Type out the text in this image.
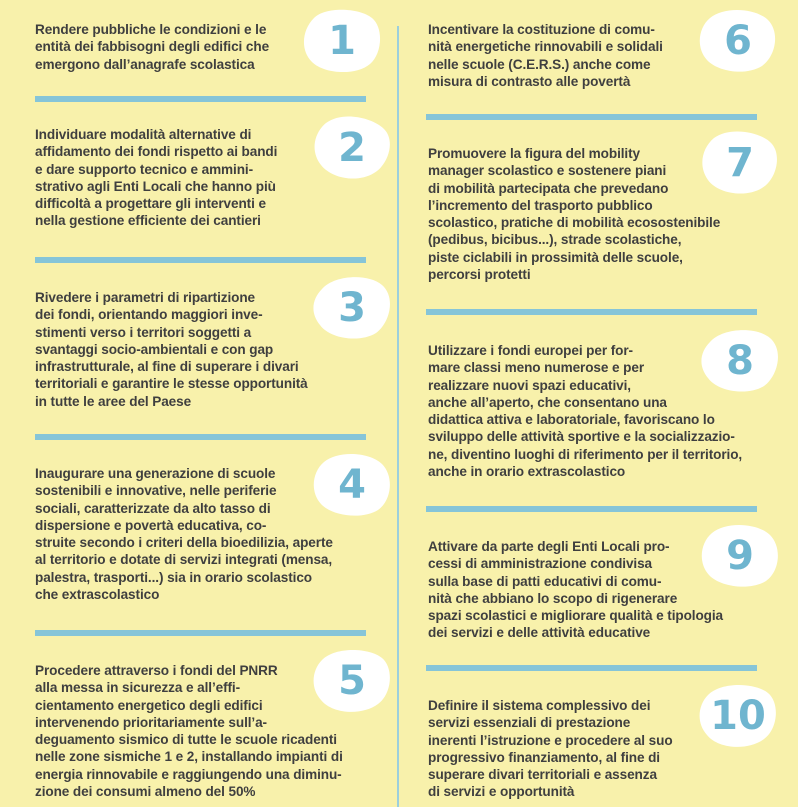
Rendere pubbliche le condizioni e le
entità dei fabbisogni degli edifici che
emergono dall’anagrafe scolastica

1

Individuare modalità alternative di
affidamento dei fondi rispetto ai bandi
e dare supporto tecnico e ammini-
strativo agli Enti Locali che hanno più
difficoltà a progettare gli interventi e
nella gestione efficiente dei cantieri

2

Rivedere i parametri di ripartizione
dei fondi, orientando maggiori inve-
stimenti verso i territori soggetti a
svantaggi socio-ambientali e con gap
infrastrutturale, al fine di superare i divari
territoriali e garantire le stesse opportunità
in tutte le aree del Paese

3

Inaugurare una generazione di scuole
sostenibili e innovative, nelle periferie
sociali, caratterizzate da alto tasso di
dispersione e povertà educativa, co-
struite secondo i criteri della bioedilizia, aperte
al territorio e dotate di servizi integrati (mensa,
palestra, trasporti...) sia in orario scolastico
che extrascolastico

4

Procedere attraverso i fondi del PNRR
alla messa in sicurezza e all’effi-
cientamento energetico degli edifici
intervenendo prioritariamente sull’a-
deguamento sismico di tutte le scuole ricadenti
nelle zone sismiche 1 e 2, installando impianti di
energia rinnovabile e raggiungendo una diminu-
zione dei consumi almeno del 50%

5

Incentivare la costituzione di comu-
nità energetiche rinnovabili e solidali
nelle scuole (C.E.R.S.) anche come
misura di contrasto alle povertà

6

Promuovere la figura del mobility
manager scolastico e sostenere piani
di mobilità partecipata che prevedano
l’incremento del trasporto pubblico
scolastico, pratiche di mobilità ecosostenibile
(pedibus, bicibus...), strade scolastiche,
piste ciclabili in prossimità delle scuole,
percorsi protetti

7

Utilizzare i fondi europei per for-
mare classi meno numerose e per
realizzare nuovi spazi educativi,
anche all’aperto, che consentano una
didattica attiva e laboratoriale, favoriscano lo
sviluppo delle attività sportive e la socializzazio-
ne, diventino luoghi di riferimento per il territorio,
anche in orario extrascolastico

8

Attivare da parte degli Enti Locali pro-
cessi di amministrazione condivisa
sulla base di patti educativi di comu-
nità che abbiano lo scopo di rigenerare
spazi scolastici e migliorare qualità e tipologia
dei servizi e delle attività educative

9

Definire il sistema complessivo dei
servizi essenziali di prestazione
inerenti l’istruzione e procedere al suo
progressivo finanziamento, al fine di
superare divari territoriali e assenza
di servizi e opportunità

10
